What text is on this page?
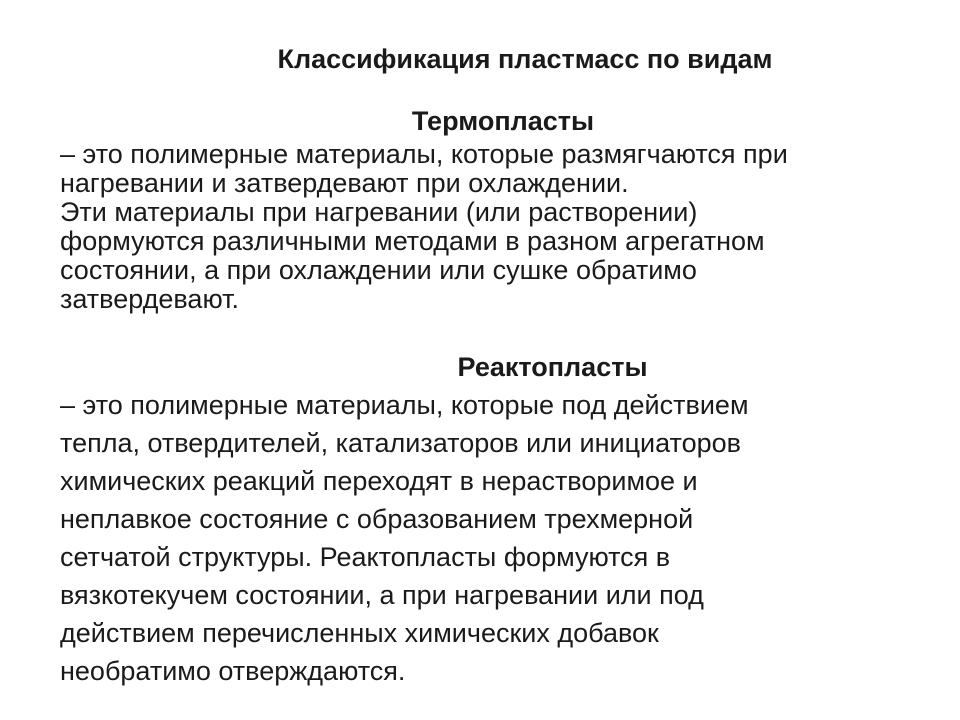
Классификация пластмасс по видам
Термопласты
– это полимерные материалы, которые размягчаются при
нагревании и затвердевают при охлаждении.
Эти материалы при нагревании (или растворении)
формуются различными методами в разном агрегатном
состоянии, а при охлаждении или сушке обратимо
затвердевают.
Реактопласты
– это полимерные материалы, которые под действием
тепла, отвердителей, катализаторов или инициаторов
химических реакций переходят в нерастворимое и
неплавкое состояние с образованием трехмерной
сетчатой структуры. Реактопласты формуются в
вязкотекучем состоянии, а при нагревании или под
действием перечисленных химических добавок
необратимо отверждаются.
